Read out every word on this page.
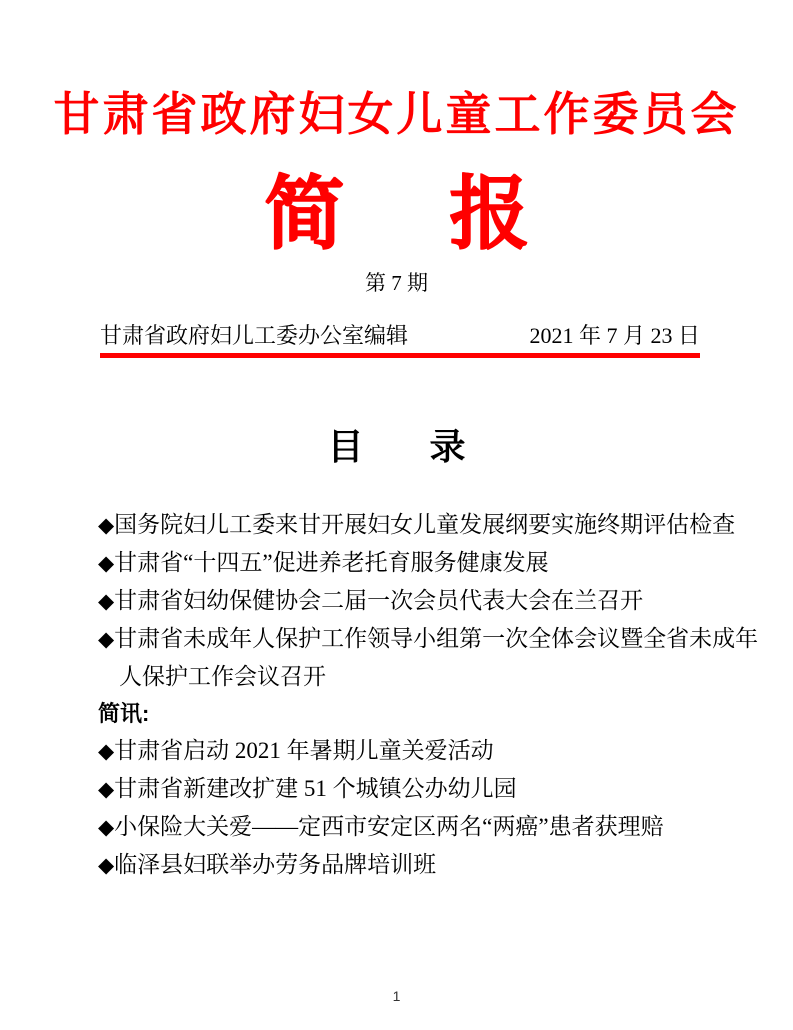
甘肃省政府妇女儿童工作委员会
简 报
第 7 期
甘肃省政府妇儿工委办公室编辑	2021 年 7 月 23 日
目 录
◆国务院妇儿工委来甘开展妇女儿童发展纲要实施终期评估检查
◆甘肃省“十四五”促进养老托育服务健康发展
◆甘肃省妇幼保健协会二届一次会员代表大会在兰召开
◆甘肃省未成年人保护工作领导小组第一次全体会议暨全省未成年
人保护工作会议召开
简讯:
◆甘肃省启动 2021 年暑期儿童关爱活动
◆甘肃省新建改扩建 51 个城镇公办幼儿园
◆小保险大关爱——定西市安定区两名“两癌”患者获理赔
◆临泽县妇联举办劳务品牌培训班
1
